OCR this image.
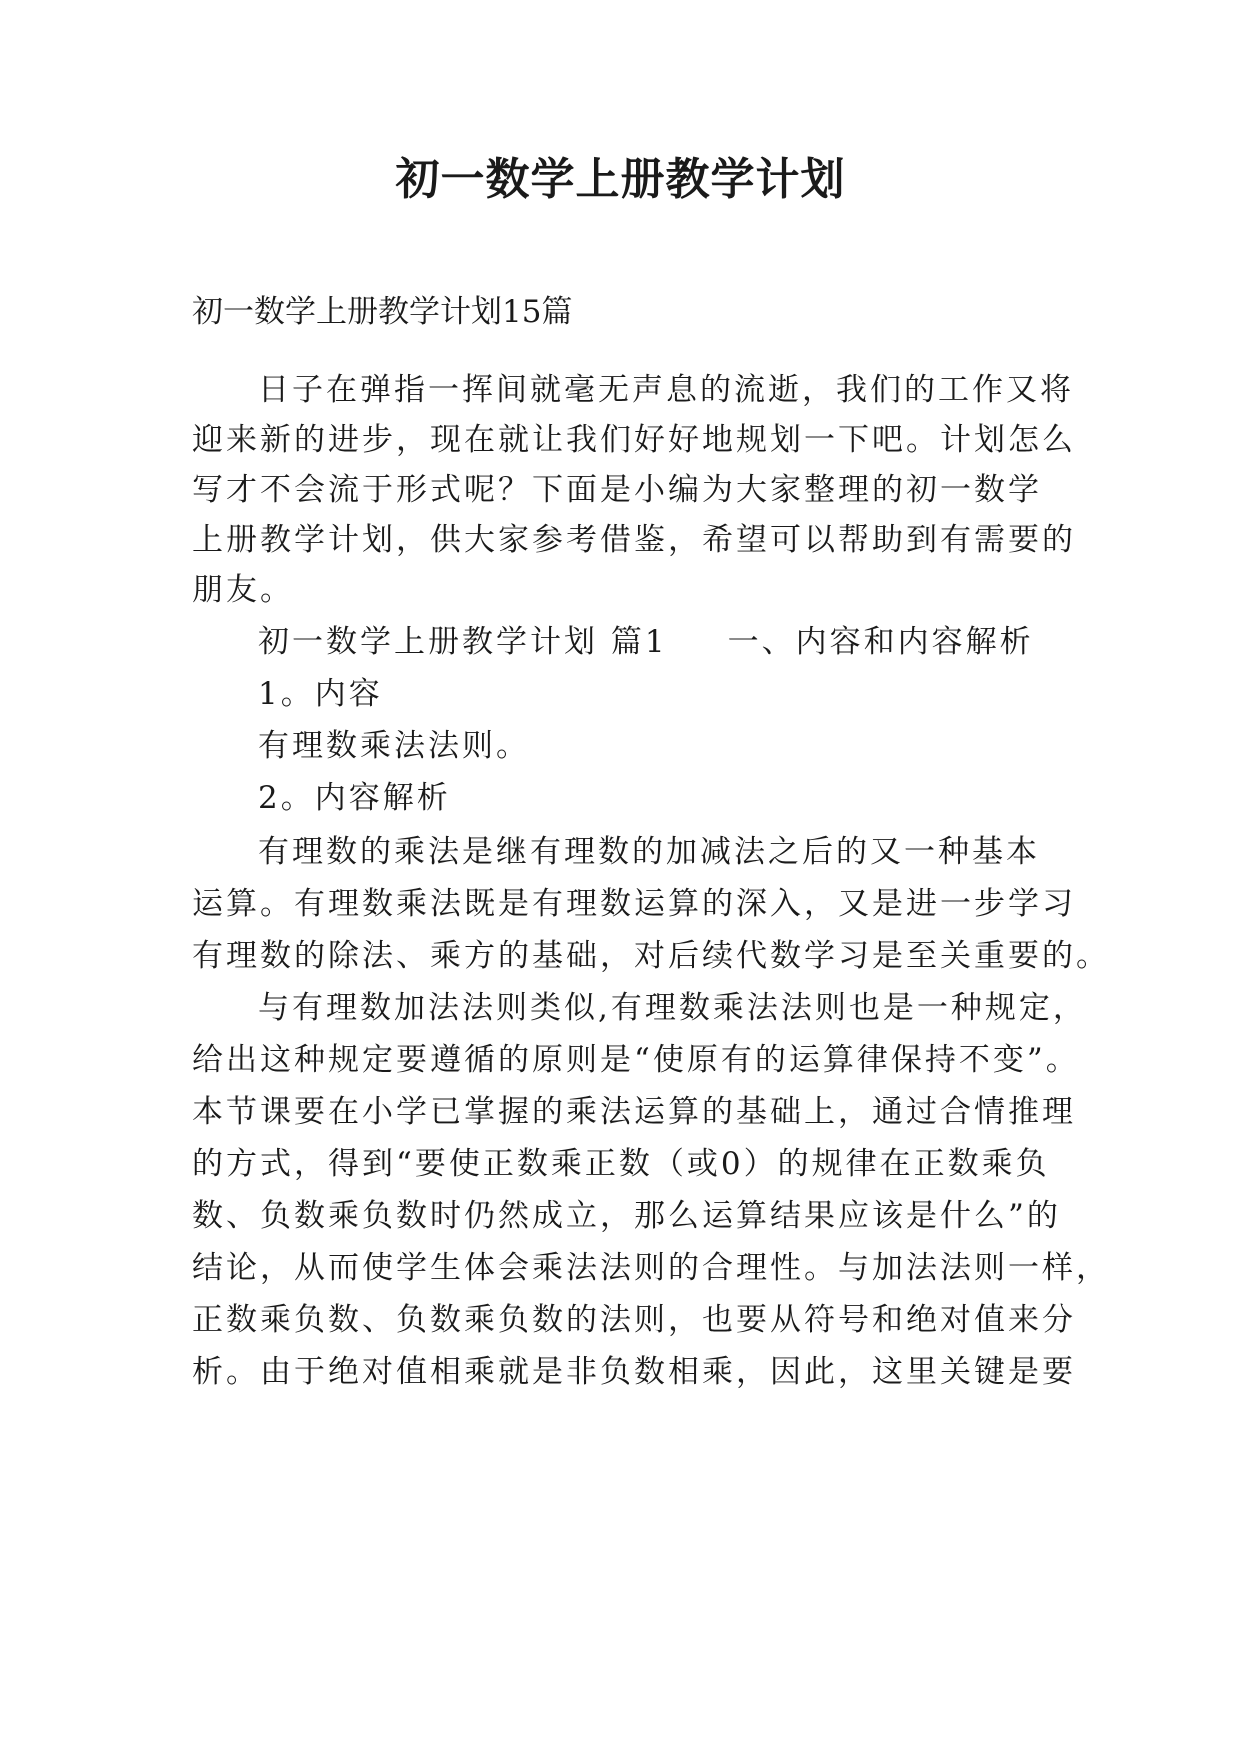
初一数学上册教学计划
初一数学上册教学计划15篇
日子在弹指一挥间就毫无声息的流逝，我们的工作又将
迎来新的进步，现在就让我们好好地规划一下吧。计划怎么
写才不会流于形式呢？下面是小编为大家整理的初一数学
上册教学计划，供大家参考借鉴，希望可以帮助到有需要的
朋友。
初一数学上册教学计划 篇1 一、内容和内容解析
1。内容
有理数乘法法则。
2。内容解析
有理数的乘法是继有理数的加减法之后的又一种基本
运算。有理数乘法既是有理数运算的深入，又是进一步学习
有理数的除法、乘方的基础，对后续代数学习是至关重要的。
与有理数加法法则类似,有理数乘法法则也是一种规定，
给出这种规定要遵循的原则是“使原有的运算律保持不变”。
本节课要在小学已掌握的乘法运算的基础上，通过合情推理
的方式，得到“要使正数乘正数（或0）的规律在正数乘负
数、负数乘负数时仍然成立，那么运算结果应该是什么”的
结论，从而使学生体会乘法法则的合理性。与加法法则一样，
正数乘负数、负数乘负数的法则，也要从符号和绝对值来分
析。由于绝对值相乘就是非负数相乘，因此，这里关键是要
